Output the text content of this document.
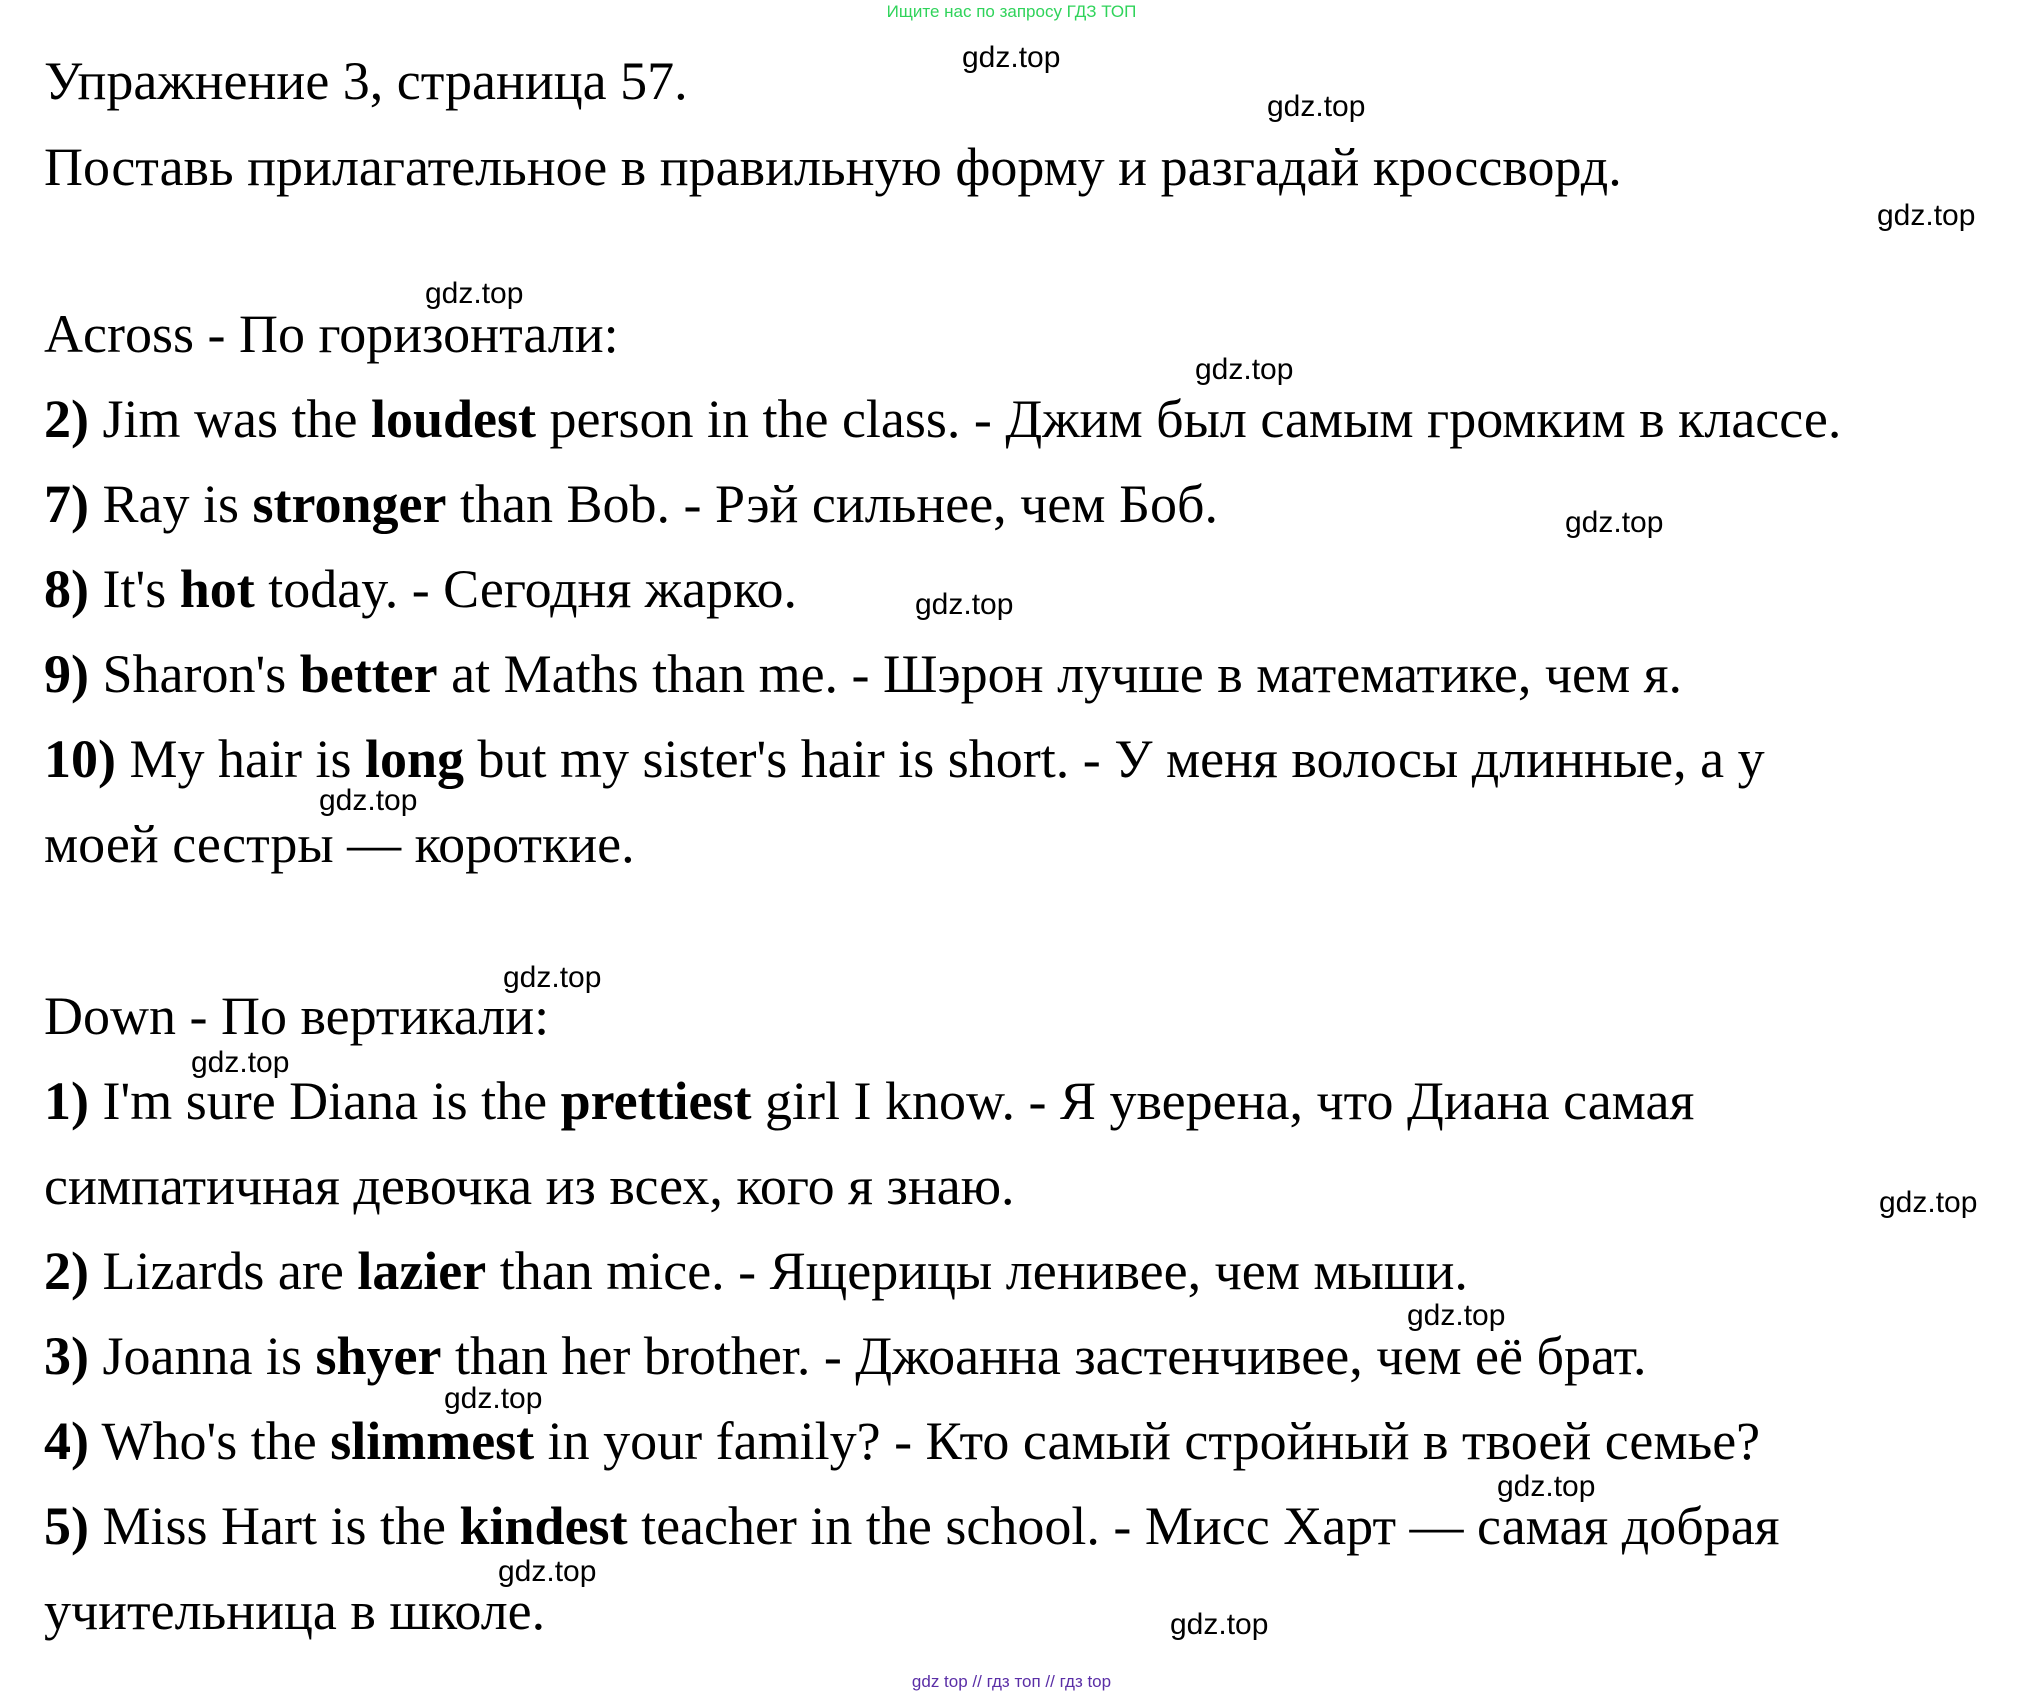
Ищите нас по запросу ГДЗ ТОП
Упражнение 3, страница 57.
Поставь прилагательное в правильную форму и разгадай кроссворд.
Across - По горизонтали:
2) Jim was the loudest person in the class. - Джим был самым громким в классе.
7) Ray is stronger than Bob. - Рэй сильнее, чем Боб.
8) It's hot today. - Сегодня жарко.
9) Sharon's better at Maths than me. - Шэрон лучше в математике, чем я.
10) My hair is long but my sister's hair is short. - У меня волосы длинные, а у
моей сестры — короткие.
Down - По вертикали:
1) I'm sure Diana is the prettiest girl I know. - Я уверена, что Диана самая
симпатичная девочка из всех, кого я знаю.
2) Lizards are lazier than mice. - Ящерицы ленивее, чем мыши.
3) Joanna is shyer than her brother. - Джоанна застенчивее, чем её брат.
4) Who's the slimmest in your family? - Кто самый стройный в твоей семье?
5) Miss Hart is the kindest teacher in the school. - Мисс Харт — самая добрая
учительница в школе.
gdz.top
gdz.top
gdz.top
gdz.top
gdz.top
gdz.top
gdz.top
gdz.top
gdz.top
gdz.top
gdz.top
gdz.top
gdz.top
gdz.top
gdz.top
gdz.top
gdz top // гдз топ // гдз top
